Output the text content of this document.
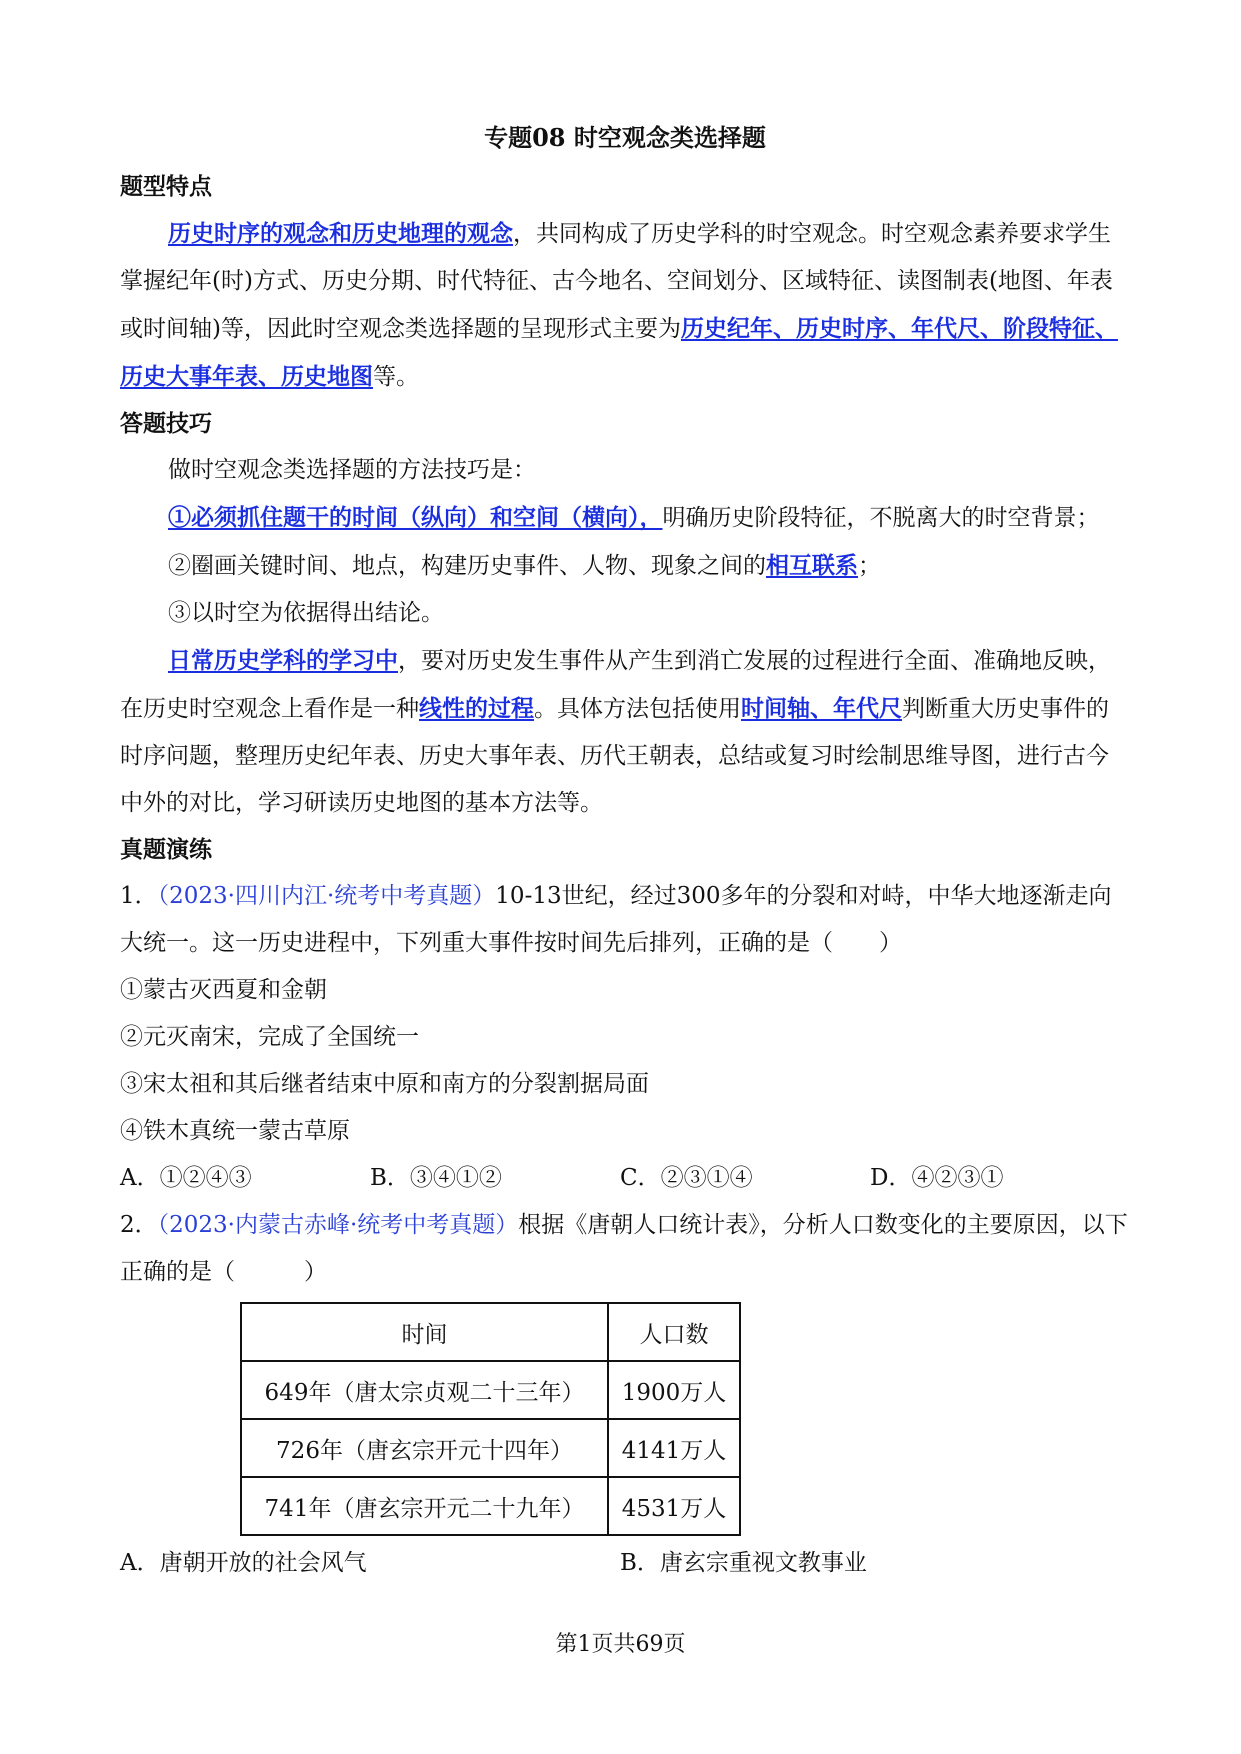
专题08 时空观念类选择题
题型特点

历史时序的观念和历史地理的观念，共同构成了历史学科的时空观念。时空观念素养要求学生掌握纪年(时)方式、历史分期、时代特征、古今地名、空间划分、区域特征、读图制表(地图、年表或时间轴)等，因此时空观念类选择题的呈现形式主要为历史纪年、历史时序、年代尺、阶段特征、历史大事年表、历史地图等。

答题技巧

做时空观念类选择题的方法技巧是：

①必须抓住题干的时间（纵向）和空间（横向），明确历史阶段特征，不脱离大的时空背景；

②圈画关键时间、地点，构建历史事件、人物、现象之间的相互联系；

③以时空为依据得出结论。

日常历史学科的学习中，要对历史发生事件从产生到消亡发展的过程进行全面、准确地反映，在历史时空观念上看作是一种线性的过程。具体方法包括使用时间轴、年代尺判断重大历史事件的时序问题，整理历史纪年表、历史大事年表、历代王朝表，总结或复习时绘制思维导图，进行古今中外的对比，学习研读历史地图的基本方法等。

真题演练

1．（2023·四川内江·统考中考真题）10-13世纪，经过300多年的分裂和对峙，中华大地逐渐走向大统一。这一历史进程中，下列重大事件按时间先后排列，正确的是（　　）

①蒙古灭西夏和金朝

②元灭南宋，完成了全国统一

③宋太祖和其后继者结束中原和南方的分裂割据局面

④铁木真统一蒙古草原

A．①②④③	B．③④①②	C．②③①④	D．④②③①

2．（2023·内蒙古赤峰·统考中考真题）根据《唐朝人口统计表》，分析人口数变化的主要原因，以下正确的是（　　　）

时间	人口数
649年（唐太宗贞观二十三年）	1900万人
726年（唐玄宗开元十四年）	4141万人
741年（唐玄宗开元二十九年）	4531万人
A．唐朝开放的社会风气	B．唐玄宗重视文教事业
第1页共69页
